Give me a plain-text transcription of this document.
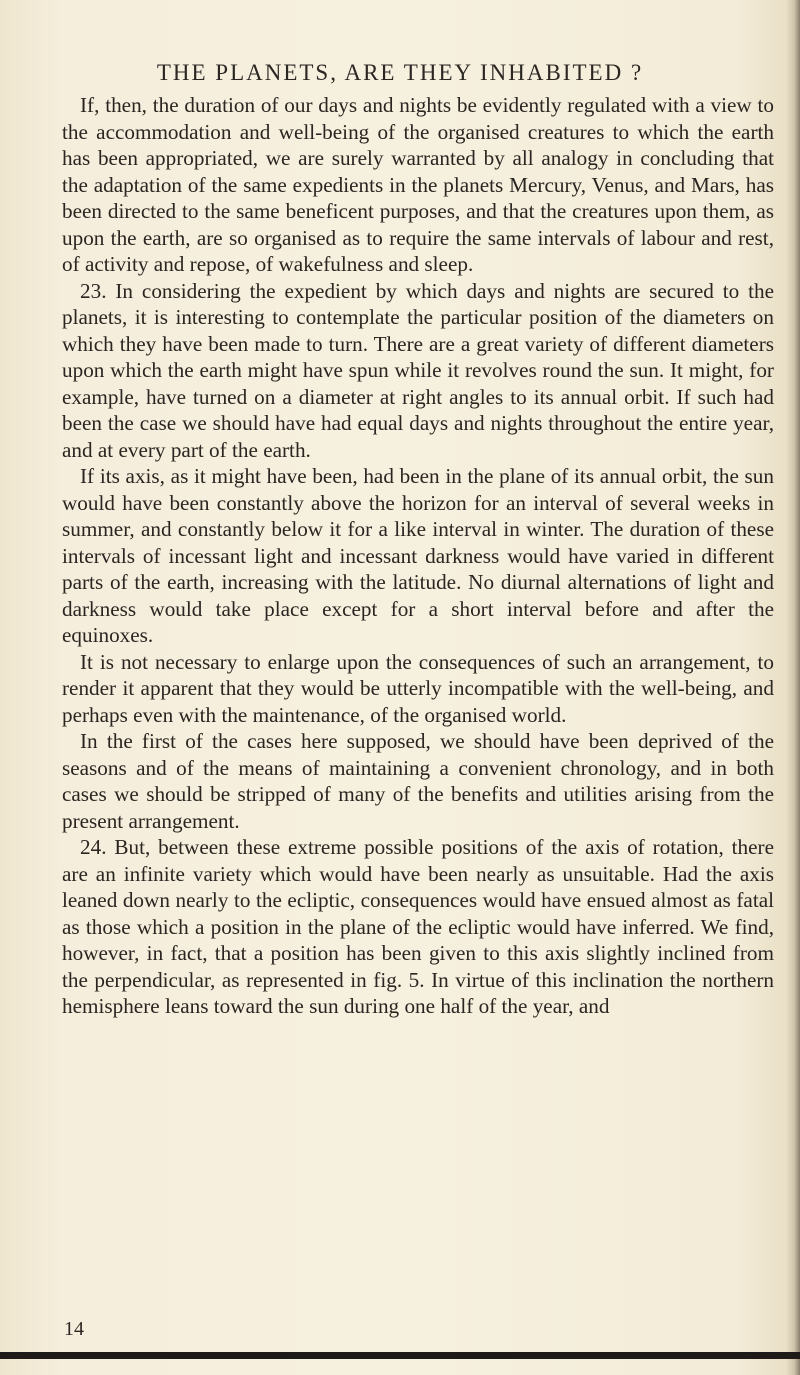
THE PLANETS, ARE THEY INHABITED ?

If, then, the duration of our days and nights be evidently regulated with a view to the accommodation and well-being of the organised creatures to which the earth has been appropriated, we are surely warranted by all analogy in concluding that the adaptation of the same expedients in the planets Mercury, Venus, and Mars, has been directed to the same beneficent purposes, and that the creatures upon them, as upon the earth, are so organised as to require the same intervals of labour and rest, of activity and repose, of wakefulness and sleep.

23. In considering the expedient by which days and nights are secured to the planets, it is interesting to contemplate the particular position of the diameters on which they have been made to turn. There are a great variety of different diameters upon which the earth might have spun while it revolves round the sun. It might, for example, have turned on a diameter at right angles to its annual orbit. If such had been the case we should have had equal days and nights throughout the entire year, and at every part of the earth.

If its axis, as it might have been, had been in the plane of its annual orbit, the sun would have been constantly above the horizon for an interval of several weeks in summer, and constantly below it for a like interval in winter. The duration of these intervals of incessant light and incessant darkness would have varied in different parts of the earth, increasing with the latitude. No diurnal alternations of light and darkness would take place except for a short interval before and after the equinoxes.

It is not necessary to enlarge upon the consequences of such an arrangement, to render it apparent that they would be utterly incompatible with the well-being, and perhaps even with the maintenance, of the organised world.

In the first of the cases here supposed, we should have been deprived of the seasons and of the means of maintaining a convenient chronology, and in both cases we should be stripped of many of the benefits and utilities arising from the present arrangement.

24. But, between these extreme possible positions of the axis of rotation, there are an infinite variety which would have been nearly as unsuitable. Had the axis leaned down nearly to the ecliptic, consequences would have ensued almost as fatal as those which a position in the plane of the ecliptic would have inferred. We find, however, in fact, that a position has been given to this axis slightly inclined from the perpendicular, as represented in fig. 5. In virtue of this inclination the northern hemisphere leans toward the sun during one half of the year, and

14
